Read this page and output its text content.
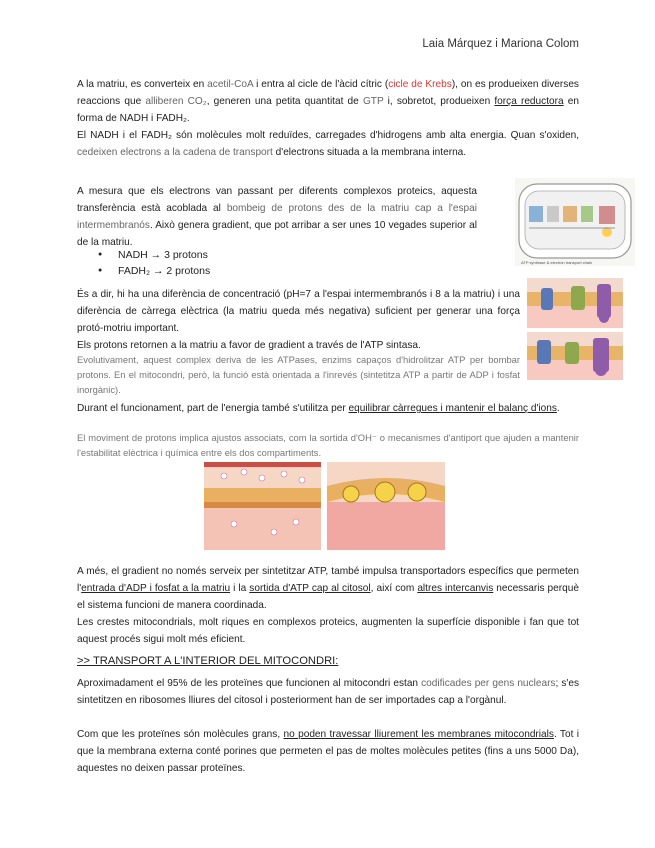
Laia Márquez i Mariona Colom

A la matriu, es converteix en acetil-CoA i entra al cicle de l'àcid cítric (cicle de Krebs), on es produeixen diverses reaccions que alliberen CO₂, generen una petita quantitat de GTP i, sobretot, produeixen força reductora en forma de NADH i FADH₂.

El NADH i el FADH₂ són molècules molt reduïdes, carregades d'hidrogens amb alta energia. Quan s'oxiden, cedeixen electrons a la cadena de transport d'electrons situada a la membrana interna.

A mesura que els electrons van passant per diferents complexos proteics, aquesta transferència està acoblada al bombeig de protons des de la matriu cap a l'espai intermembranós. Això genera gradient, que pot arribar a ser unes 10 vegades superior al de la matriu.

● NADH → 3 protons
● FADH₂ → 2 protons

És a dir, hi ha una diferència de concentració (pH=7 a l'espai intermembranós i 8 a la matriu) i una diferència de càrrega elèctrica (la matriu queda més negativa) suficient per generar una força protó-motriu important.

Els protons retornen a la matriu a favor de gradient a través de l'ATP sintasa.

Evolutivament, aquest complex deriva de les ATPases, enzims capaços d'hidrolitzar ATP per bombar protons. En el mitocondri, però, la funció està orientada a l'inrevés (sintetitza ATP a partir de ADP i fosfat inorgànic).

Durant el funcionament, part de l'energia també s'utilitza per equilibrar càrregues i mantenir el balanç d'ions.

El moviment de protons implica ajustos associats, com la sortida d'OH⁻ o mecanismes d'antiport que ajuden a mantenir l'estabilitat elèctrica i química entre els dos compartiments.

ATP synthase & electron transport chain

A més, el gradient no només serveix per sintetitzar ATP, també impulsa transportadors específics que permeten l'entrada d'ADP i fosfat a la matriu i la sortida d'ATP cap al citosol, així com altres intercanvis necessaris perquè el sistema funcioni de manera coordinada.

Les crestes mitocondrials, molt riques en complexos proteics, augmenten la superfície disponible i fan que tot aquest procés sigui molt més eficient.

>> TRANSPORT A L'INTERIOR DEL MITOCONDRI:

Aproximadament el 95% de les proteïnes que funcionen al mitocondri estan codificades per gens nuclears; s'es sintetitzen en ribosomes lliures del citosol i posteriorment han de ser importades cap a l'orgànul.

Com que les proteïnes són molècules grans, no poden travessar lliurement les membranes mitocondrials. Tot i que la membrana externa conté porines que permeten el pas de moltes molècules petites (fins a uns 5000 Da), aquestes no deixen passar proteïnes.
